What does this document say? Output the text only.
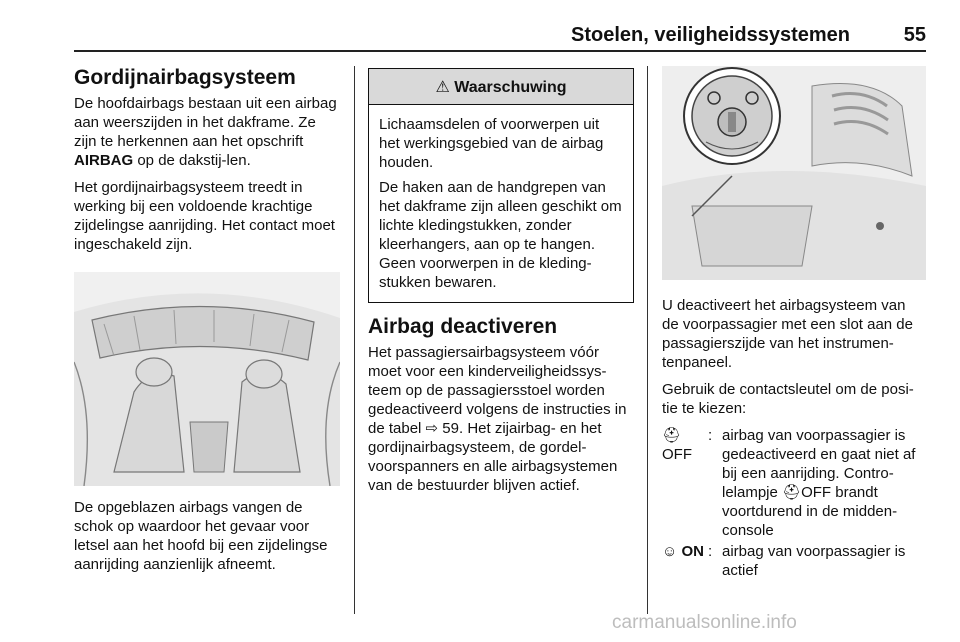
Stoelen, veiligheidssystemen	55
Gordijnairbagsysteem

De hoofdairbags bestaan uit een airbag aan weerszijden in het dakframe. Ze zijn te herkennen aan het opschrift AIRBAG op de dakstij-len.

Het gordijnairbagsysteem treedt in werking bij een voldoende krachtige zijdelingse aanrijding. Het contact moet ingeschakeld zijn.

De opgeblazen airbags vangen de schok op waardoor het gevaar voor letsel aan het hoofd bij een zijdelingse aanrijding aanzienlijk afneemt.

⚠ Waarschuwing

Lichaamsdelen of voorwerpen uit het werkingsgebied van de airbag houden.

De haken aan de handgrepen van het dakframe zijn alleen geschikt om lichte kledingstukken, zonder kleerhangers, aan op te hangen. Geen voorwerpen in de kleding-stukken bewaren.

Airbag deactiveren

Het passagiersairbagsysteem vóór moet voor een kinderveiligheidssys-teem op de passagiersstoel worden gedeactiveerd volgens de instructies in de tabel ⇨ 59. Het zijairbag- en het gordijnairbagsysteem, de gordel-voorspanners en alle airbagsystemen van de bestuurder blijven actief.

U deactiveert het airbagsysteem van de voorpassagier met een slot aan de passagierszijde van het instrumen-tenpaneel.

Gebruik de contactsleutel om de posi-tie te kiezen:

⛑
OFF
: airbag van voorpassagier is gedeactiveerd en gaat niet af bij een aanrijding. Contro-lelampje ⛑OFF brandt voortdurend in de midden-console
☺ ON : airbag van voorpassagier is actief
carmanualsonline.info
